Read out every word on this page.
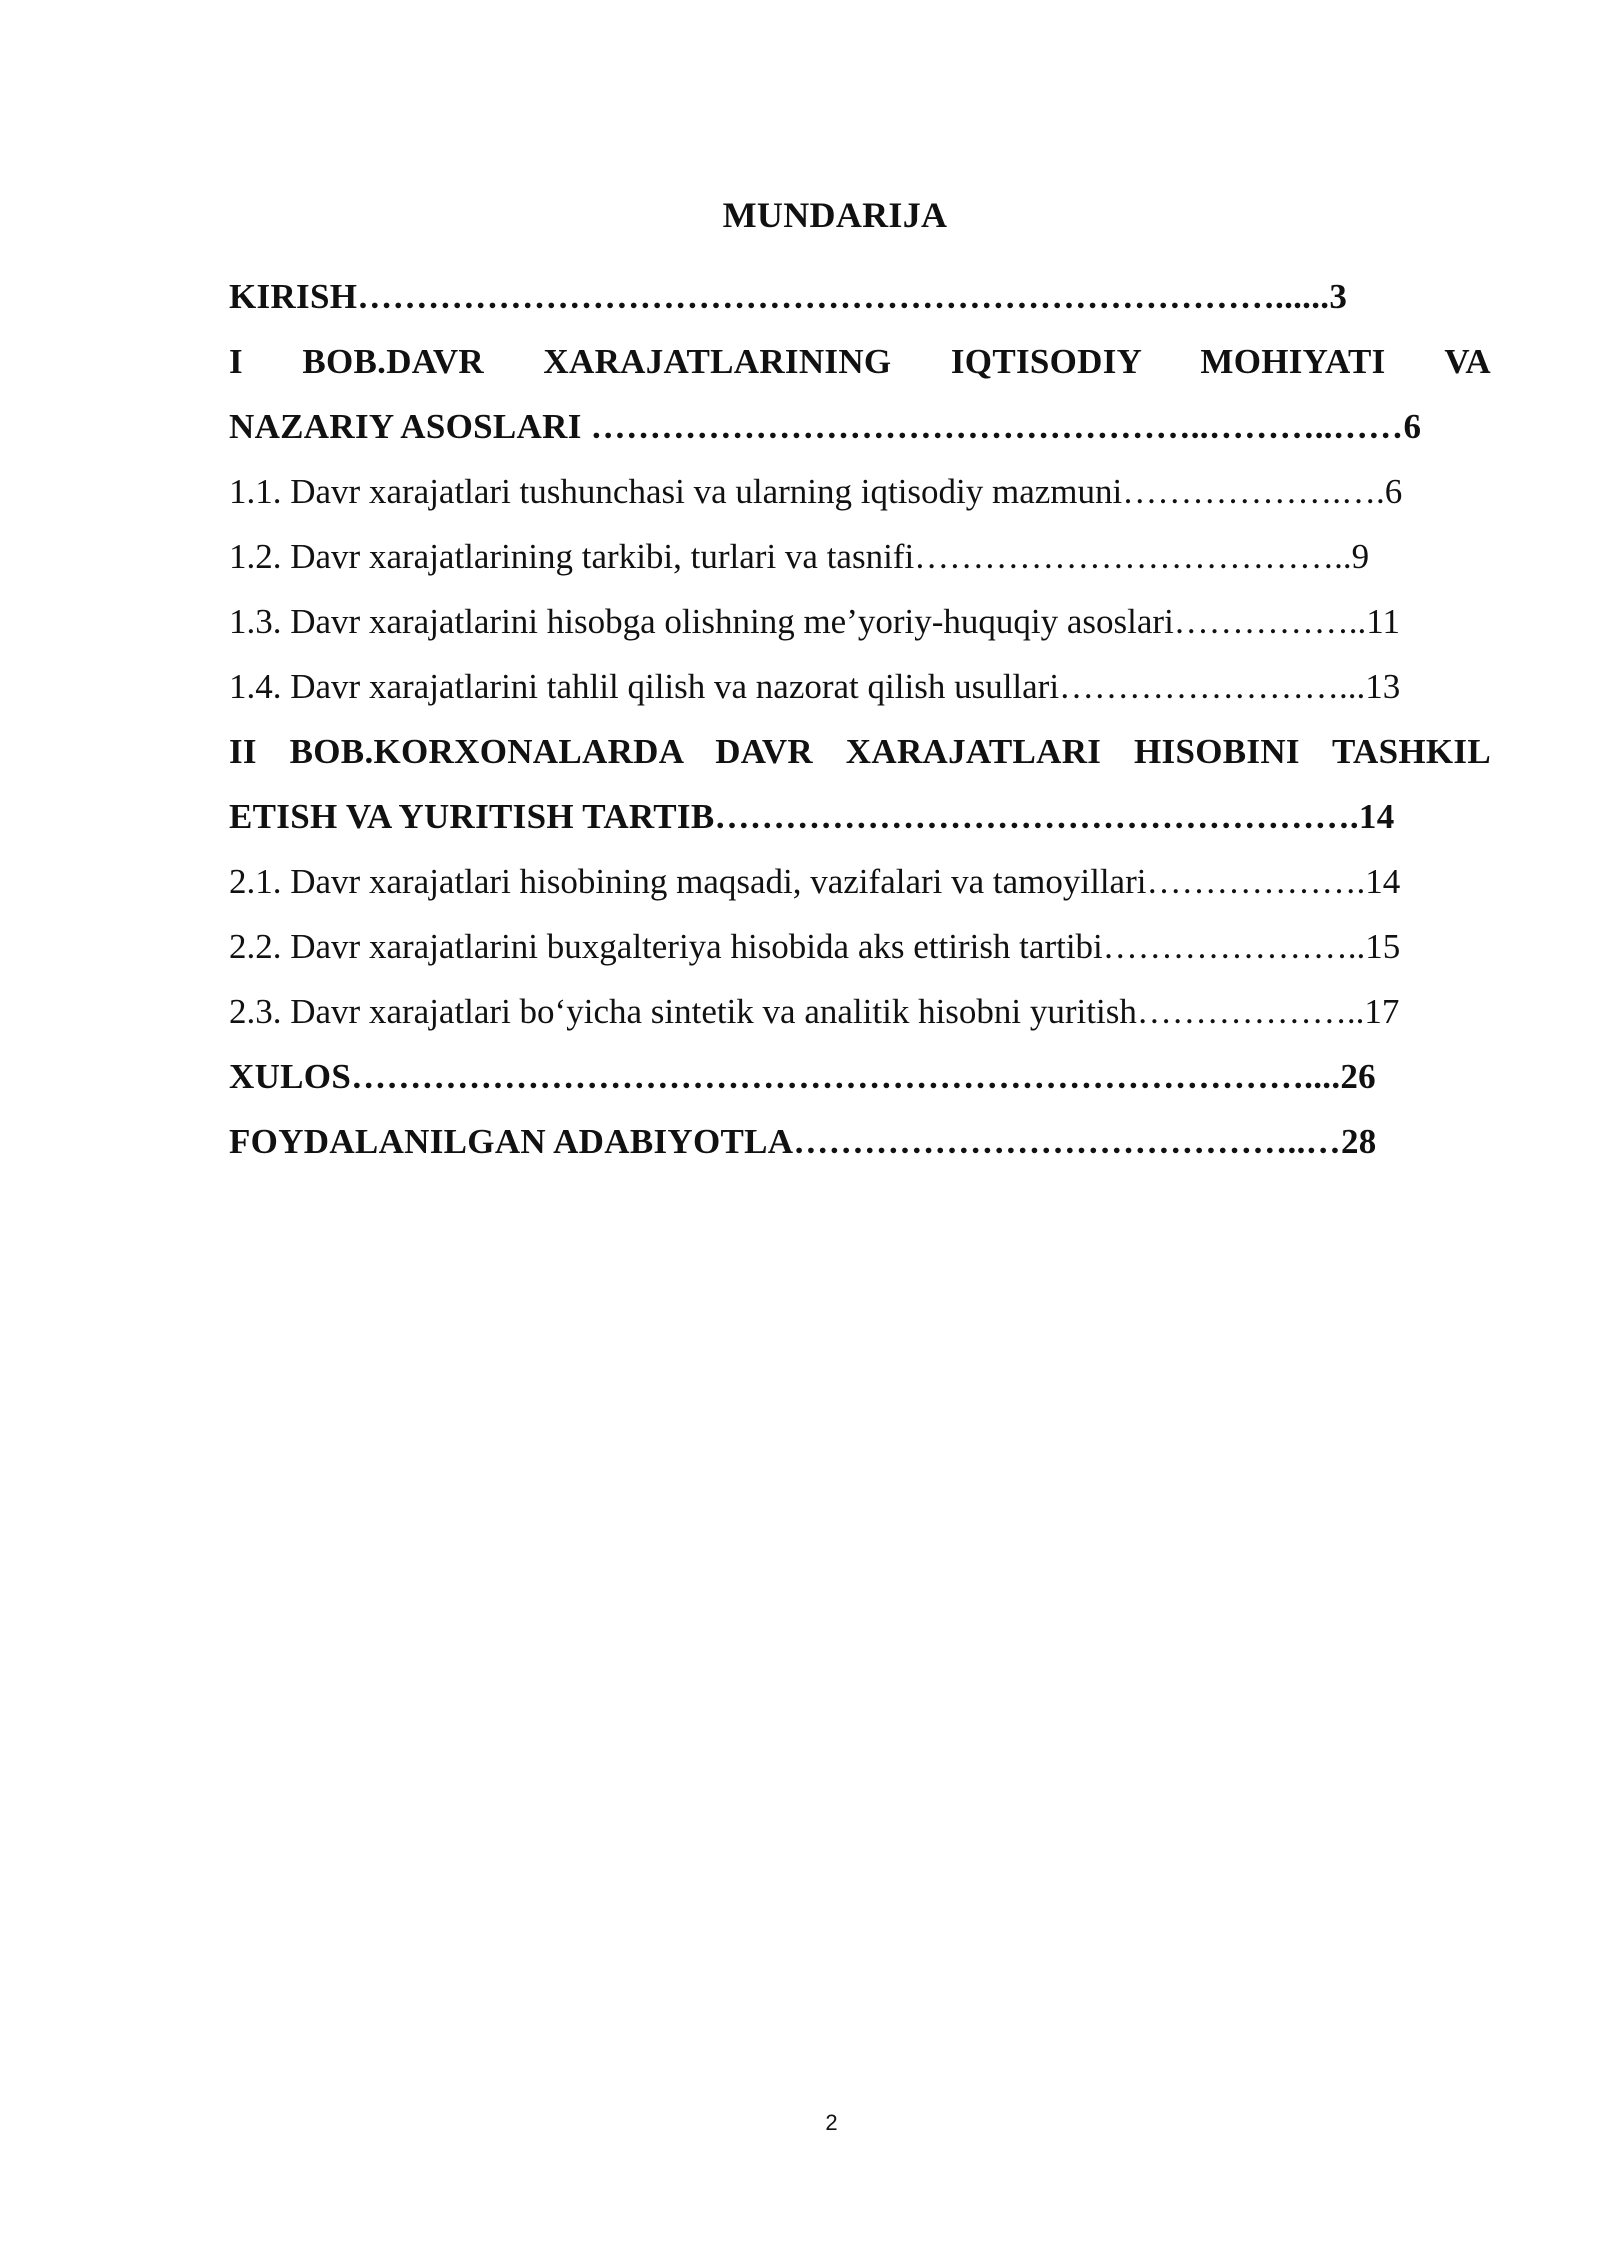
MUNDARIJA
KIRISH……………………………………………………………………......3
I BOB.DAVR XARAJATLARINING IQTISODIY MOHIYATI VA
NAZARIY ASOSLARI ……………………………………………..………..……6
1.1. Davr xarajatlari tushunchasi va ularning iqtisodiy mazmuni……………….….6
1.2. Davr xarajatlarining tarkibi, turlari va tasnifi………………………………..9
1.3. Davr xarajatlarini hisobga olishning me’yoriy-huquqiy asoslari……………..11
1.4. Davr xarajatlarini tahlil qilish va nazorat qilish usullari……………………...13
II BOB.KORXONALARDA DAVR XARAJATLARI HISOBINI TASHKIL
ETISH VA YURITISH TARTIB……………………………………………….14
2.1. Davr xarajatlari hisobining maqsadi, vazifalari va tamoyillari……………….14
2.2. Davr xarajatlarini buxgalteriya hisobida aks ettirish tartibi…………………..15
2.3. Davr xarajatlari bo‘yicha sintetik va analitik hisobni yuritish………………..17
XULOS………………………………………………………………………....26
FOYDALANILGAN ADABIYOTLA……………………………………..…28
2
